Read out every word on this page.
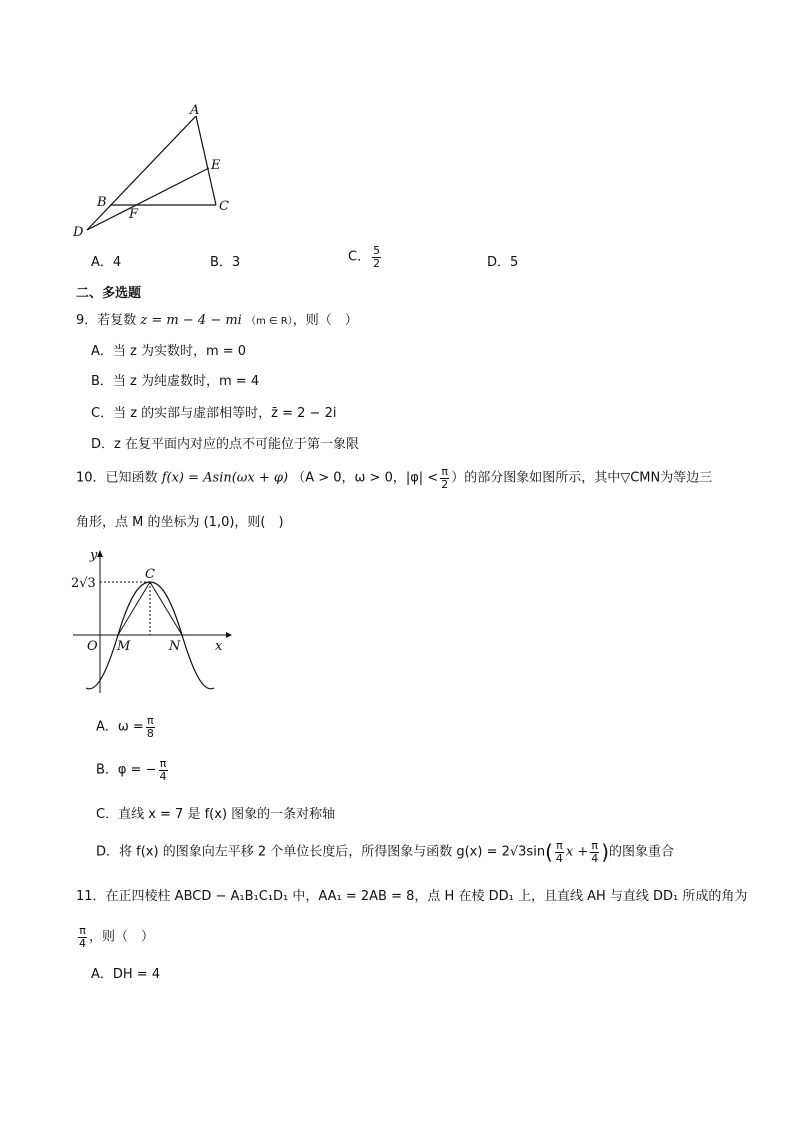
A
E
B
F
C
D
A．4	B．3	C． $\frac{5}{2}$	D．5
二、多选题
9．若复数 z = m − 4 − mi （m ∈ R），则（　）
A．当 z 为实数时，m = 0
B．当 z 为纯虚数时，m = 4
C．当 z 的实部与虚部相等时，z̄ = 2 − 2i
D．z 在复平面内对应的点不可能位于第一象限
10．已知函数 f(x) = Asin(ωx + φ) （A > 0，ω > 0，$|\varphi| < \frac{\pi}{2}$ ）的部分图象如图所示，其中▽CMN为等边三
角形，点 M 的坐标为 (1,0)，则(　)
y
2√3
C
O M	N	x
A．$\omega = \frac{\pi}{8}$
B．φ = − $\frac{\pi}{4}$
C．直线 x = 7 是 f(x) 图象的一条对称轴
D．将 f(x) 的图象向左平移 2 个单位长度后，所得图象与函数 $g(x) = 2√3\sin( \frac{\pi}{4}$ $x + \frac{\pi}{4}$ )的图象重合
11．在正四棱柱 ABCD − A₁B₁C₁D₁ 中，AA₁ = 2AB = 8，点 H 在棱 DD₁ 上，且直线 AH 与直线 DD₁ 所成的角为
$\frac{\pi}{4}$ ，则（　）
A．DH = 4
